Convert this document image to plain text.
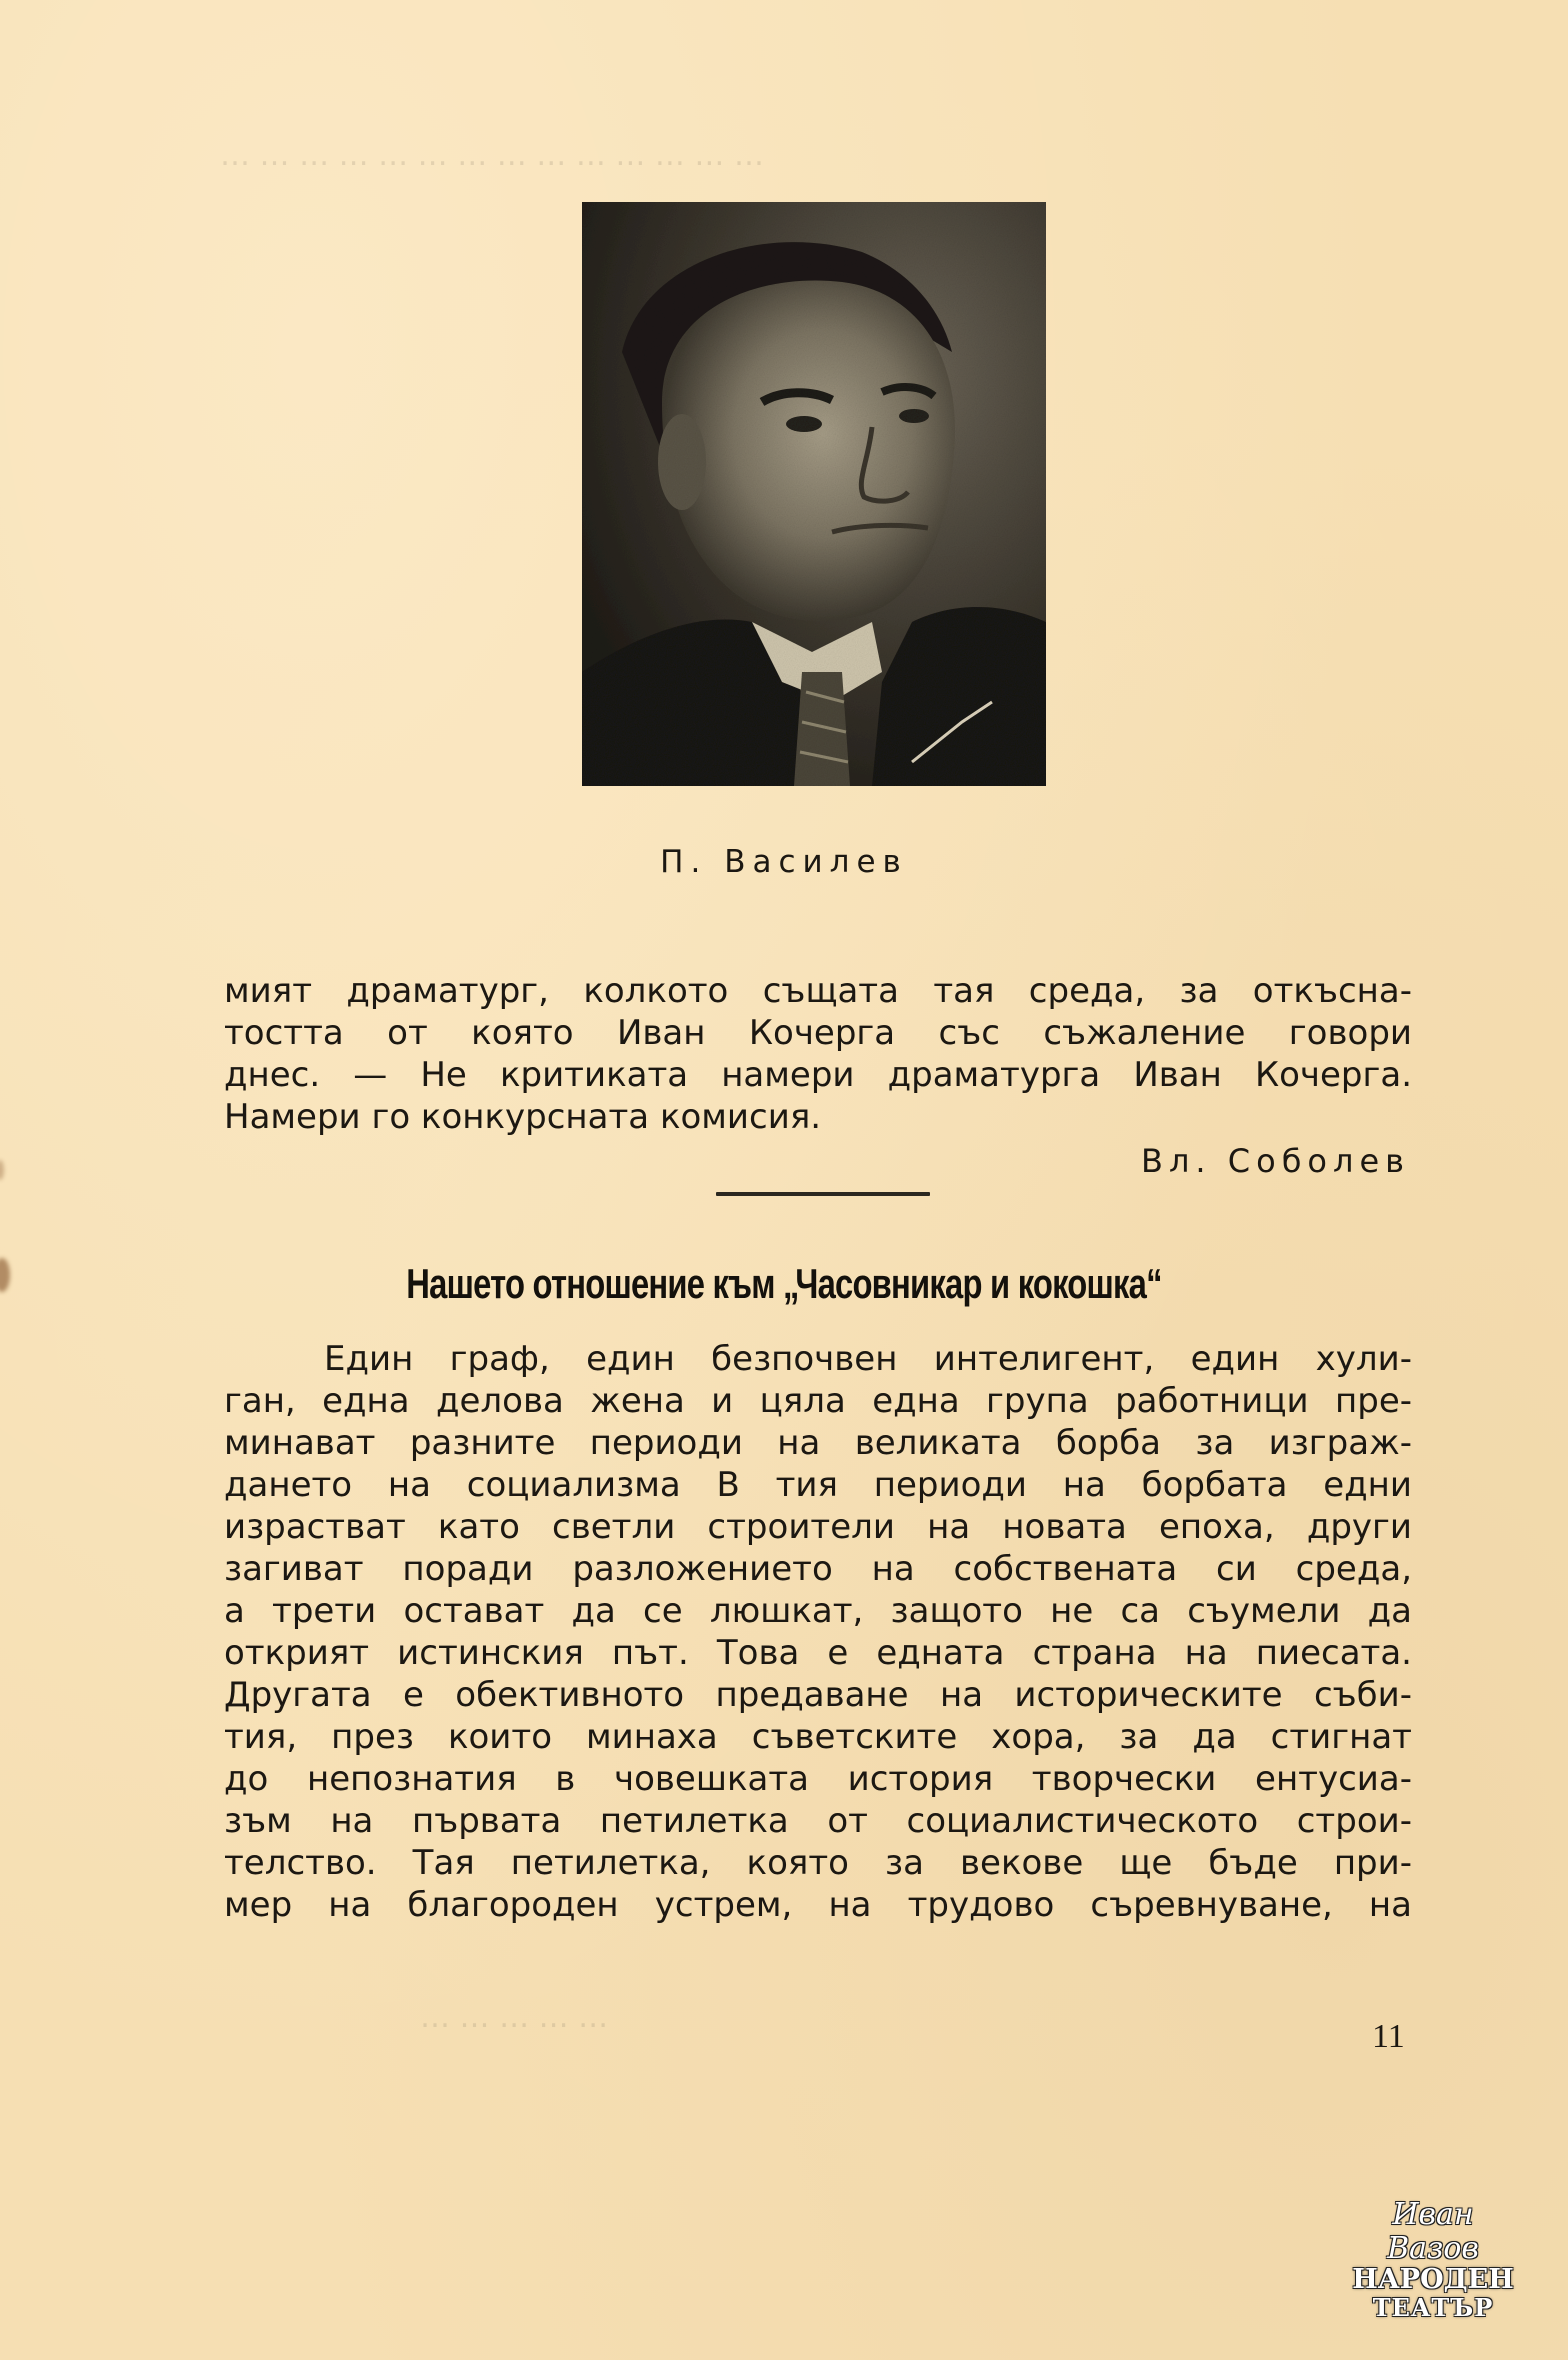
… … … … … … … … … … … … … …
… … … … …
П. Василев
мият драматург, колкото същата тая среда, за откъсна-
тостта от която Иван Кочерга със съжаление говори
днес. — Не критиката намери драматурга Иван Кочерга.
Намери го конкурсната комисия.
Вл. Соболев
Нашето отношение към „Часовникар и кокошка“
Един граф, един безпочвен интелигент, един хули-
ган, една делова жена и цяла една група работници пре-
минават разните периоди на великата борба за изграж-
дането на социализма В тия периоди на борбата едни
израстват като светли строители на новата епоха, други
загиват поради разложението на собствената си среда,
а трети остават да се люшкат, защото не са съумели да
открият истинския път. Това е едната страна на пиесата.
Другата е обективното предаване на историческите съби-
тия, през които минаха съветските хора, за да стигнат
до непознатия в човешката история творчески ентусиа-
зъм на първата петилетка от социалистическото строи-
телство. Тая петилетка, която за векове ще бъде при-
мер на благороден устрем, на трудово съревнуване, на
11
Иван Вазов
НАРОДЕН
ТЕАТЪР
